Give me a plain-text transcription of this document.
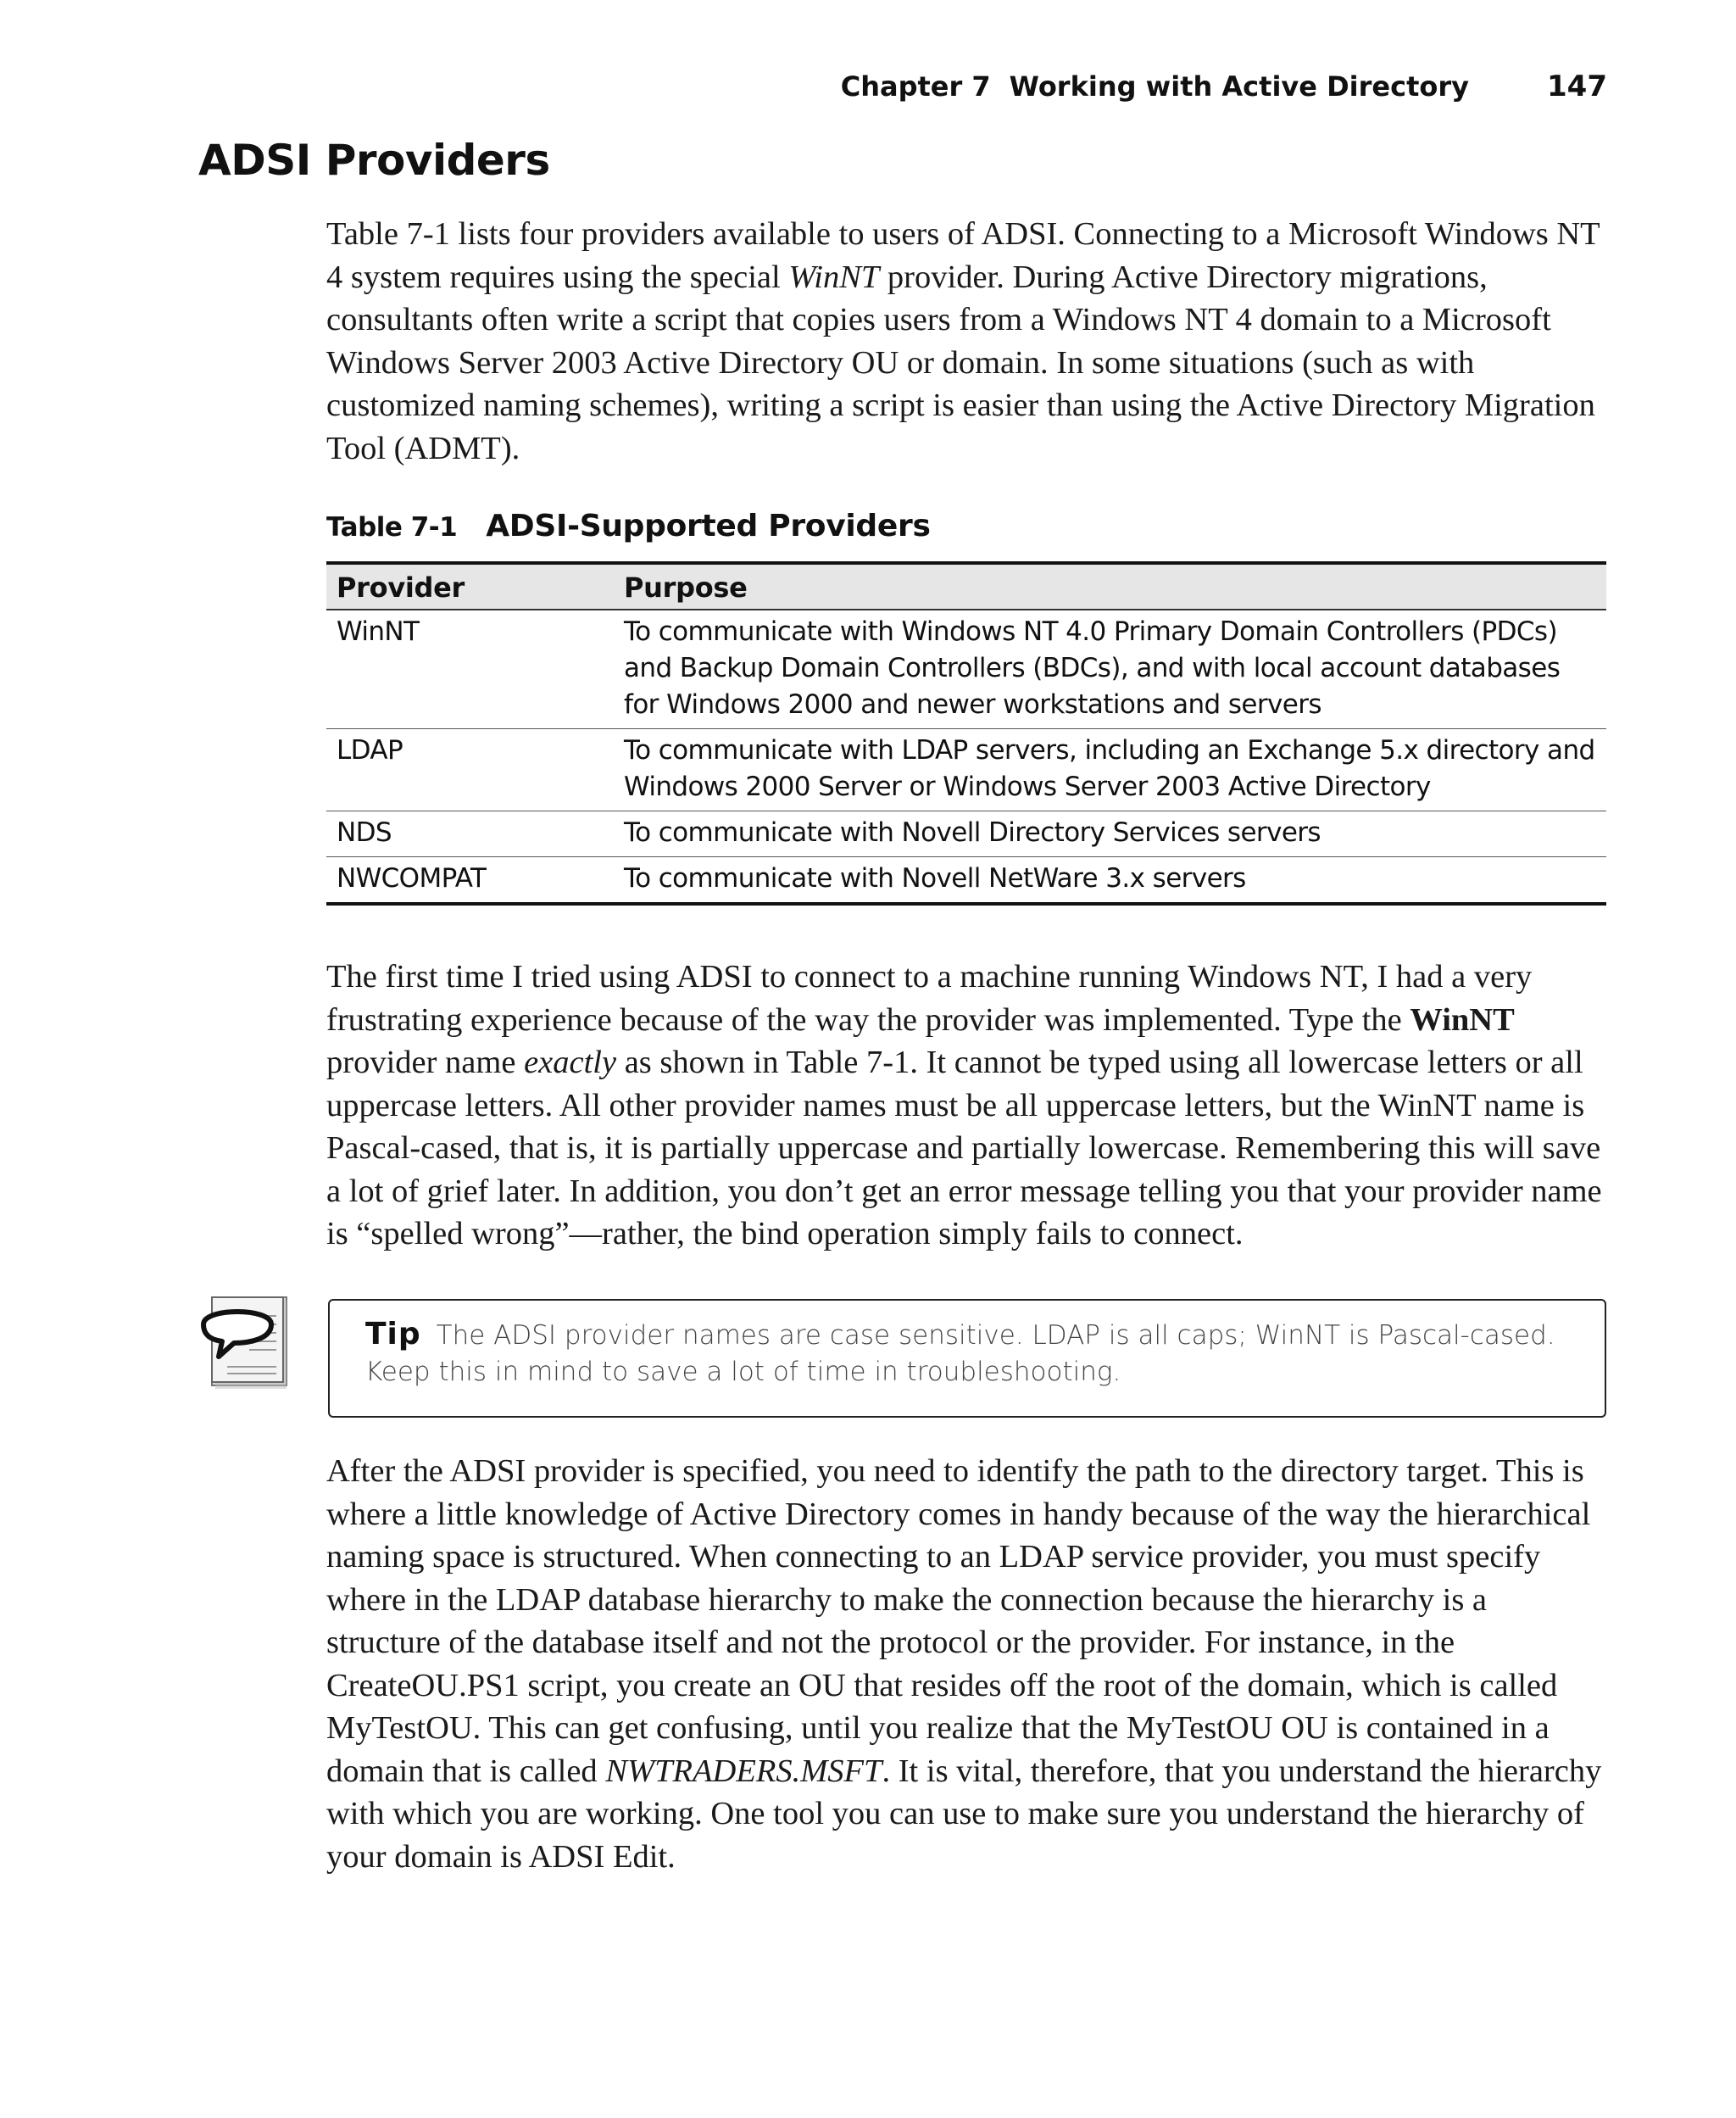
Chapter 7 Working with Active Directory	147
ADSI Providers

Table 7-1 lists four providers available to users of ADSI. Connecting to a Microsoft Windows NT 4 system requires using the special WinNT provider. During Active Directory migrations, consultants often write a script that copies users from a Windows NT 4 domain to a Microsoft Windows Server 2003 Active Directory OU or domain. In some situations (such as with customized naming schemes), writing a script is easier than using the Active Directory Migration Tool (ADMT).

Table 7-1 ADSI-Supported Providers
Provider	Purpose
WinNT	To communicate with Windows NT 4.0 Primary Domain Controllers (PDCs) and Backup Domain Controllers (BDCs), and with local account databases for Windows 2000 and newer workstations and servers
LDAP	To communicate with LDAP servers, including an Exchange 5.x directory and Windows 2000 Server or Windows Server 2003 Active Directory
NDS	To communicate with Novell Directory Services servers
NWCOMPAT	To communicate with Novell NetWare 3.x servers

The first time I tried using ADSI to connect to a machine running Windows NT, I had a very frustrating experience because of the way the provider was implemented. Type the WinNT provider name exactly as shown in Table 7-1. It cannot be typed using all lowercase letters or all uppercase letters. All other provider names must be all uppercase letters, but the WinNT name is Pascal-cased, that is, it is partially uppercase and partially lowercase. Remembering this will save a lot of grief later. In addition, you don’t get an error message telling you that your provider name is “spelled wrong”—rather, the bind operation simply fails to connect.

Tip The ADSI provider names are case sensitive. LDAP is all caps; WinNT is Pascal-cased. Keep this in mind to save a lot of time in troubleshooting.

After the ADSI provider is specified, you need to identify the path to the directory target. This is where a little knowledge of Active Directory comes in handy because of the way the hierarchical naming space is structured. When connecting to an LDAP service provider, you must specify where in the LDAP database hierarchy to make the connection because the hierarchy is a structure of the database itself and not the protocol or the provider. For instance, in the CreateOU.PS1 script, you create an OU that resides off the root of the domain, which is called MyTestOU. This can get confusing, until you realize that the MyTestOU OU is contained in a domain that is called NWTRADERS.MSFT. It is vital, therefore, that you understand the hierarchy with which you are working. One tool you can use to make sure you understand the hierarchy of your domain is ADSI Edit.
